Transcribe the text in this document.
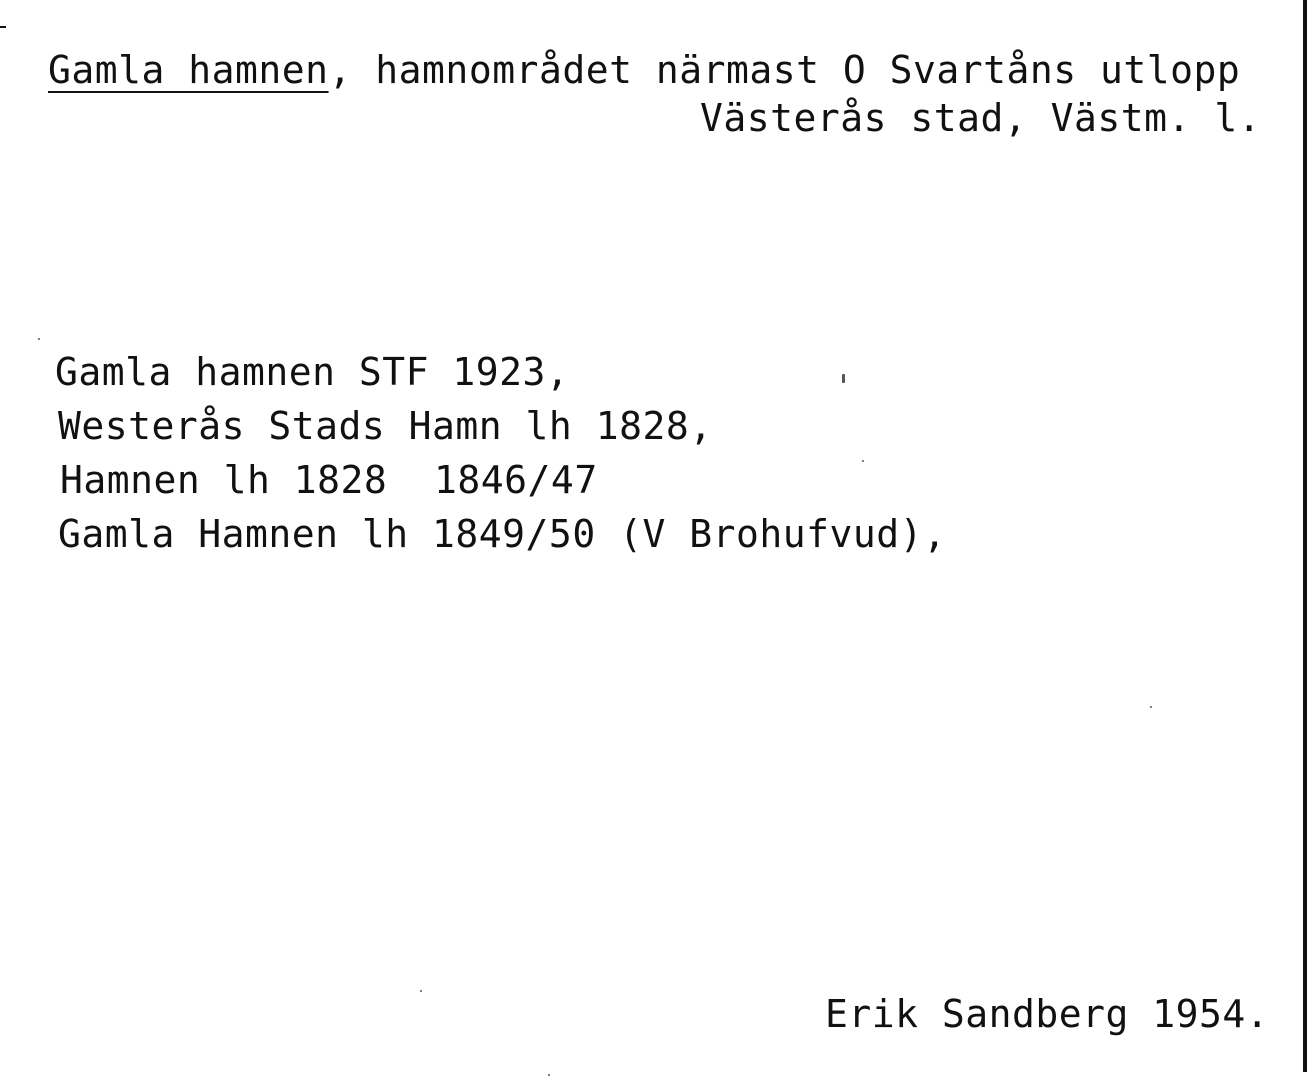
Gamla hamnen, hamnområdet närmast O Svartåns utlopp
Västerås stad, Västm. l.
Gamla hamnen STF 1923,
Westerås Stads Hamn lh 1828,
Hamnen lh 1828  1846/47
Gamla Hamnen lh 1849/50 (V Brohufvud),
Erik Sandberg 1954.
